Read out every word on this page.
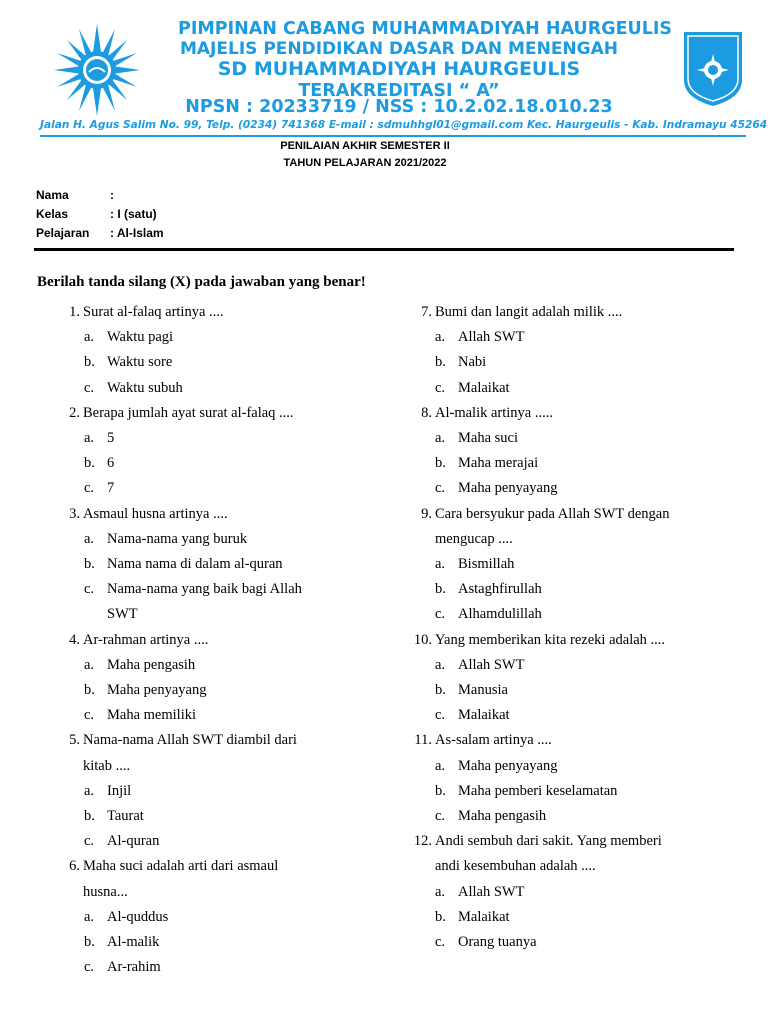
PIMPINAN CABANG MUHAMMADIYAH HAURGEULIS
MAJELIS PENDIDIKAN DASAR DAN MENENGAH
SD MUHAMMADIYAH HAURGEULIS
TERAKREDITASI “ A”
NPSN : 20233719 / NSS : 10.2.02.18.010.23
Jalan H. Agus Salim No. 99, Telp. (0234) 741368 E-mail : sdmuhhgl01@gmail.com Kec. Haurgeulis - Kab. Indramayu 45264
PENILAIAN AKHIR SEMESTER II
TAHUN PELAJARAN 2021/2022
Nama	:
Kelas	: I (satu)
Pelajaran	: Al-Islam
Berilah tanda silang (X) pada jawaban yang benar!
1. Surat al-falaq artinya ....
a. Waktu pagi
b. Waktu sore
c. Waktu subuh
2. Berapa jumlah ayat surat al-falaq ....
a. 5
b. 6
c. 7
3. Asmaul husna artinya ....
a. Nama-nama yang buruk
b. Nama nama di dalam al-quran
c. Nama-nama yang baik bagi Allah
SWT
4. Ar-rahman artinya ....
a. Maha pengasih
b. Maha penyayang
c. Maha memiliki
5. Nama-nama Allah SWT diambil dari
kitab ....
a. Injil
b. Taurat
c. Al-quran
6. Maha suci adalah arti dari asmaul
husna...
a. Al-quddus
b. Al-malik
c. Ar-rahim
7. Bumi dan langit adalah milik ....
a. Allah SWT
b. Nabi
c. Malaikat
8. Al-malik artinya .....
a. Maha suci
b. Maha merajai
c. Maha penyayang
9. Cara bersyukur pada Allah SWT dengan
mengucap ....
a. Bismillah
b. Astaghfirullah
c. Alhamdulillah
10. Yang memberikan kita rezeki adalah ....
a. Allah SWT
b. Manusia
c. Malaikat
11. As-salam artinya ....
a. Maha penyayang
b. Maha pemberi keselamatan
c. Maha pengasih
12. Andi sembuh dari sakit. Yang memberi
andi kesembuhan adalah ....
a. Allah SWT
b. Malaikat
c. Orang tuanya
